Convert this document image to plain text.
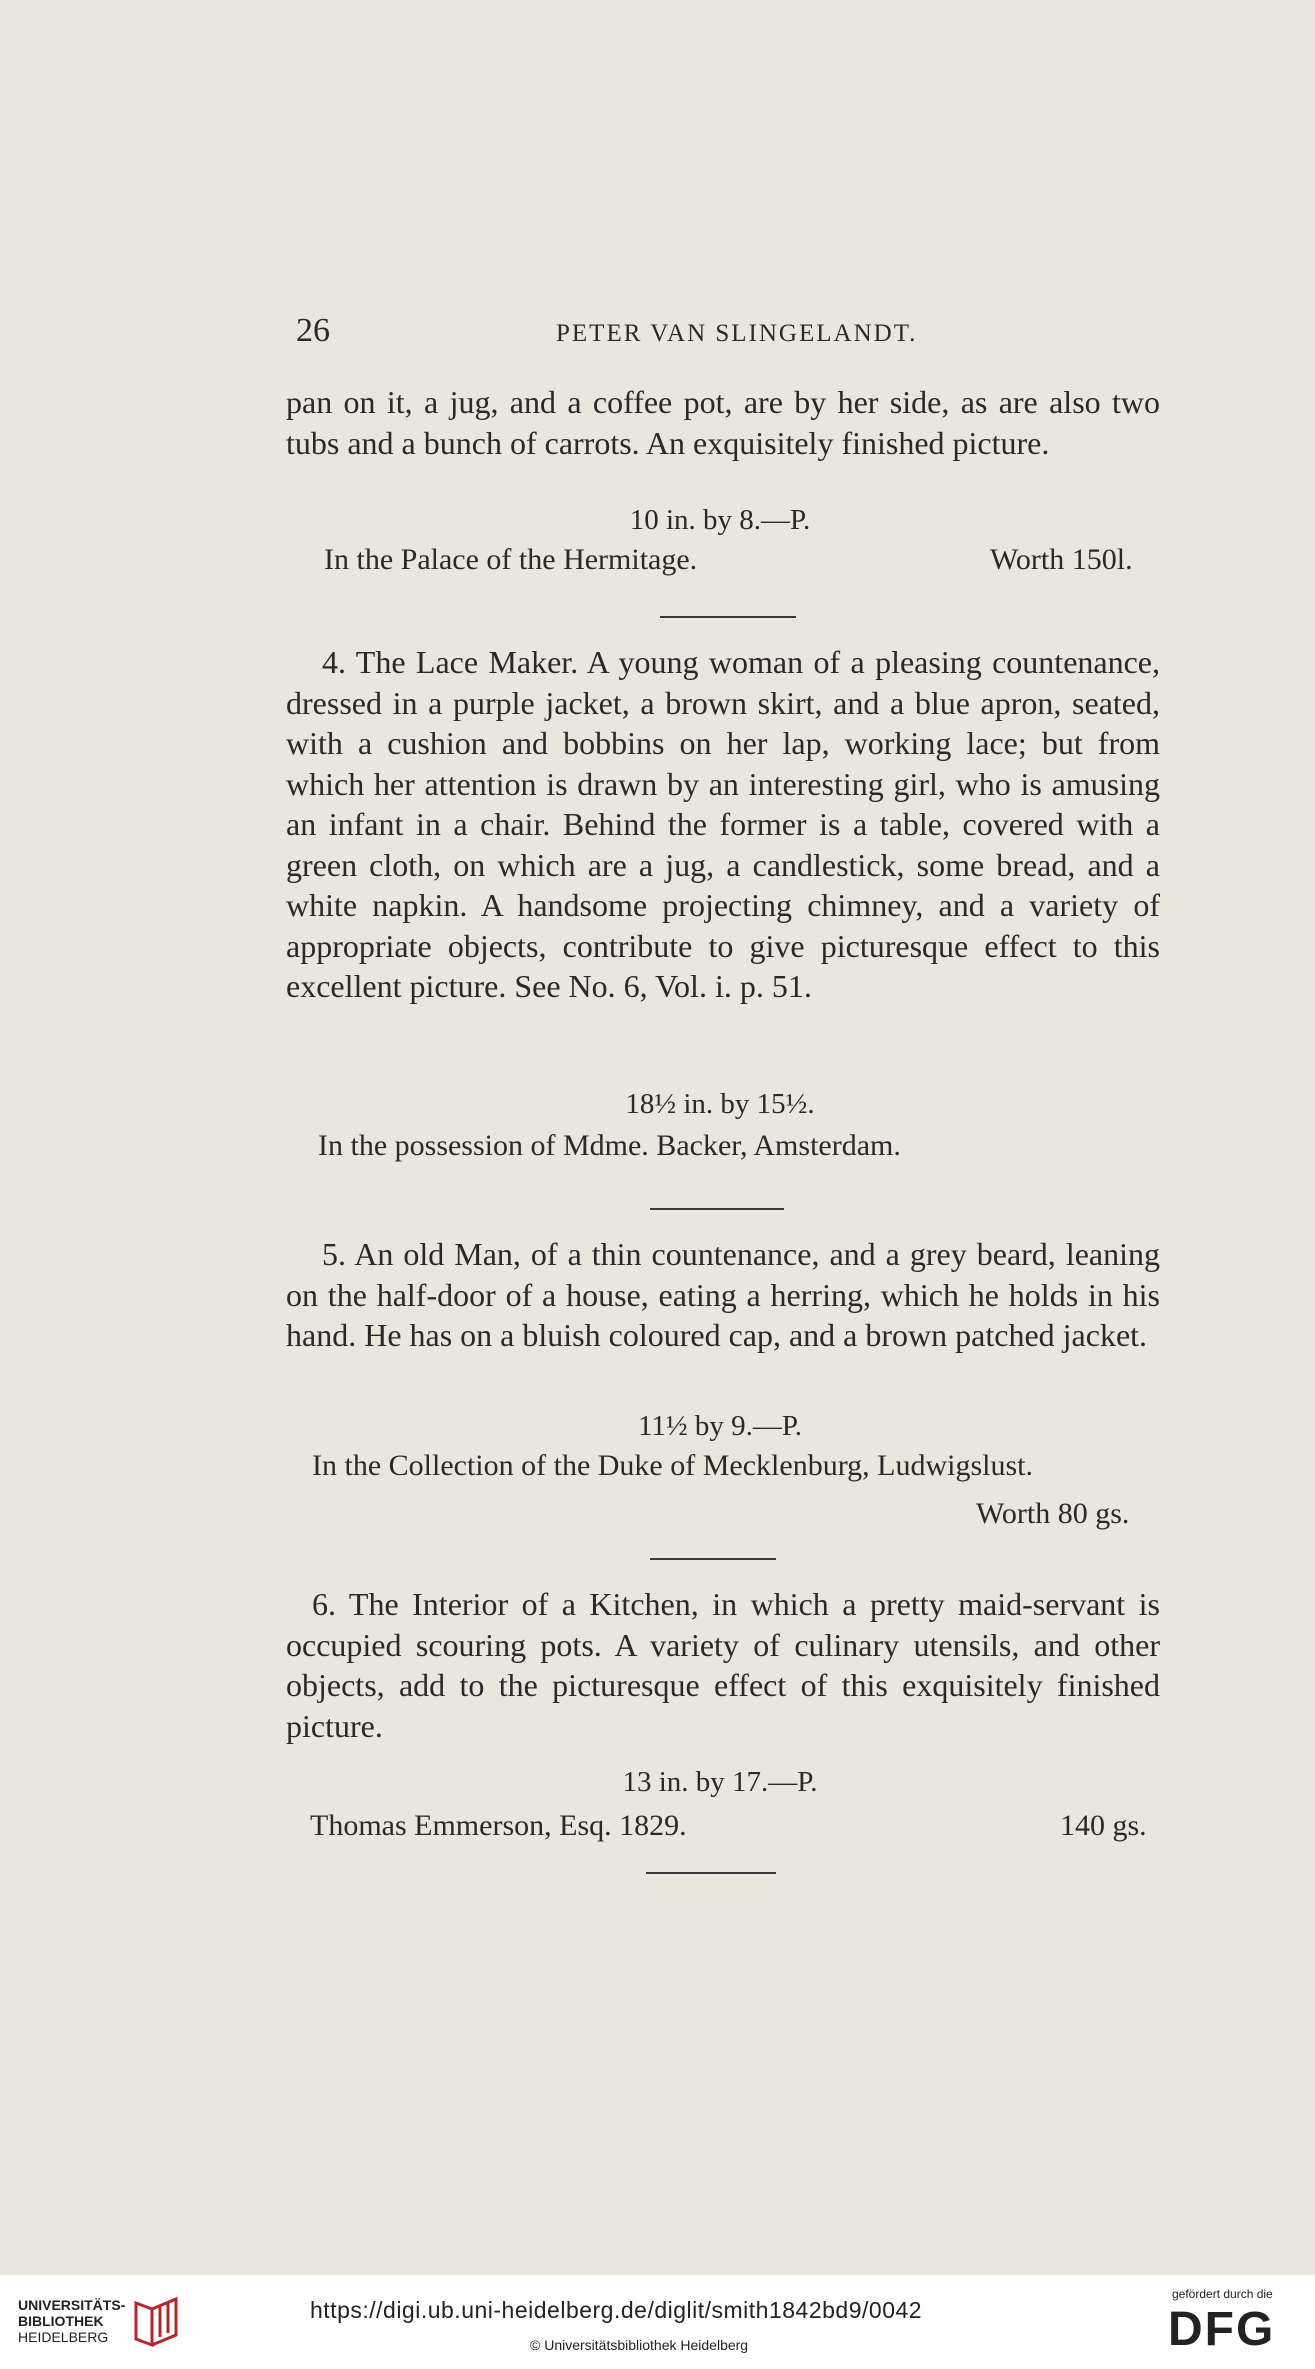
26	PETER VAN SLINGELANDT.

pan on it, a jug, and a coffee pot, are by her side, as are also two tubs and a bunch of carrots. An exquisitely finished picture.

10 in. by 8.—P.
In the Palace of the Hermitage.	Worth 150l.

4. The Lace Maker. A young woman of a pleasing countenance, dressed in a purple jacket, a brown skirt, and a blue apron, seated, with a cushion and bobbins on her lap, working lace; but from which her attention is drawn by an interesting girl, who is amusing an infant in a chair. Behind the former is a table, covered with a green cloth, on which are a jug, a candlestick, some bread, and a white napkin. A handsome projecting chimney, and a variety of appropriate objects, contribute to give picturesque effect to this excellent picture. See No. 6, Vol. i. p. 51.

18½ in. by 15½.
In the possession of Mdme. Backer, Amsterdam.

5. An old Man, of a thin countenance, and a grey beard, leaning on the half-door of a house, eating a herring, which he holds in his hand. He has on a bluish coloured cap, and a brown patched jacket.

11½ by 9.—P.
In the Collection of the Duke of Mecklenburg, Ludwigslust.
Worth 80 gs.

6. The Interior of a Kitchen, in which a pretty maid-servant is occupied scouring pots. A variety of culinary utensils, and other objects, add to the picturesque effect of this exquisitely finished picture.

13 in. by 17.—P.
Thomas Emmerson, Esq. 1829.	140 gs.
UNIVERSITÄTS-
BIBLIOTHEK
HEIDELBERG
https://digi.ub.uni-heidelberg.de/diglit/smith1842bd9/0042
© Universitätsbibliothek Heidelberg
gefördert durch die
DFG
